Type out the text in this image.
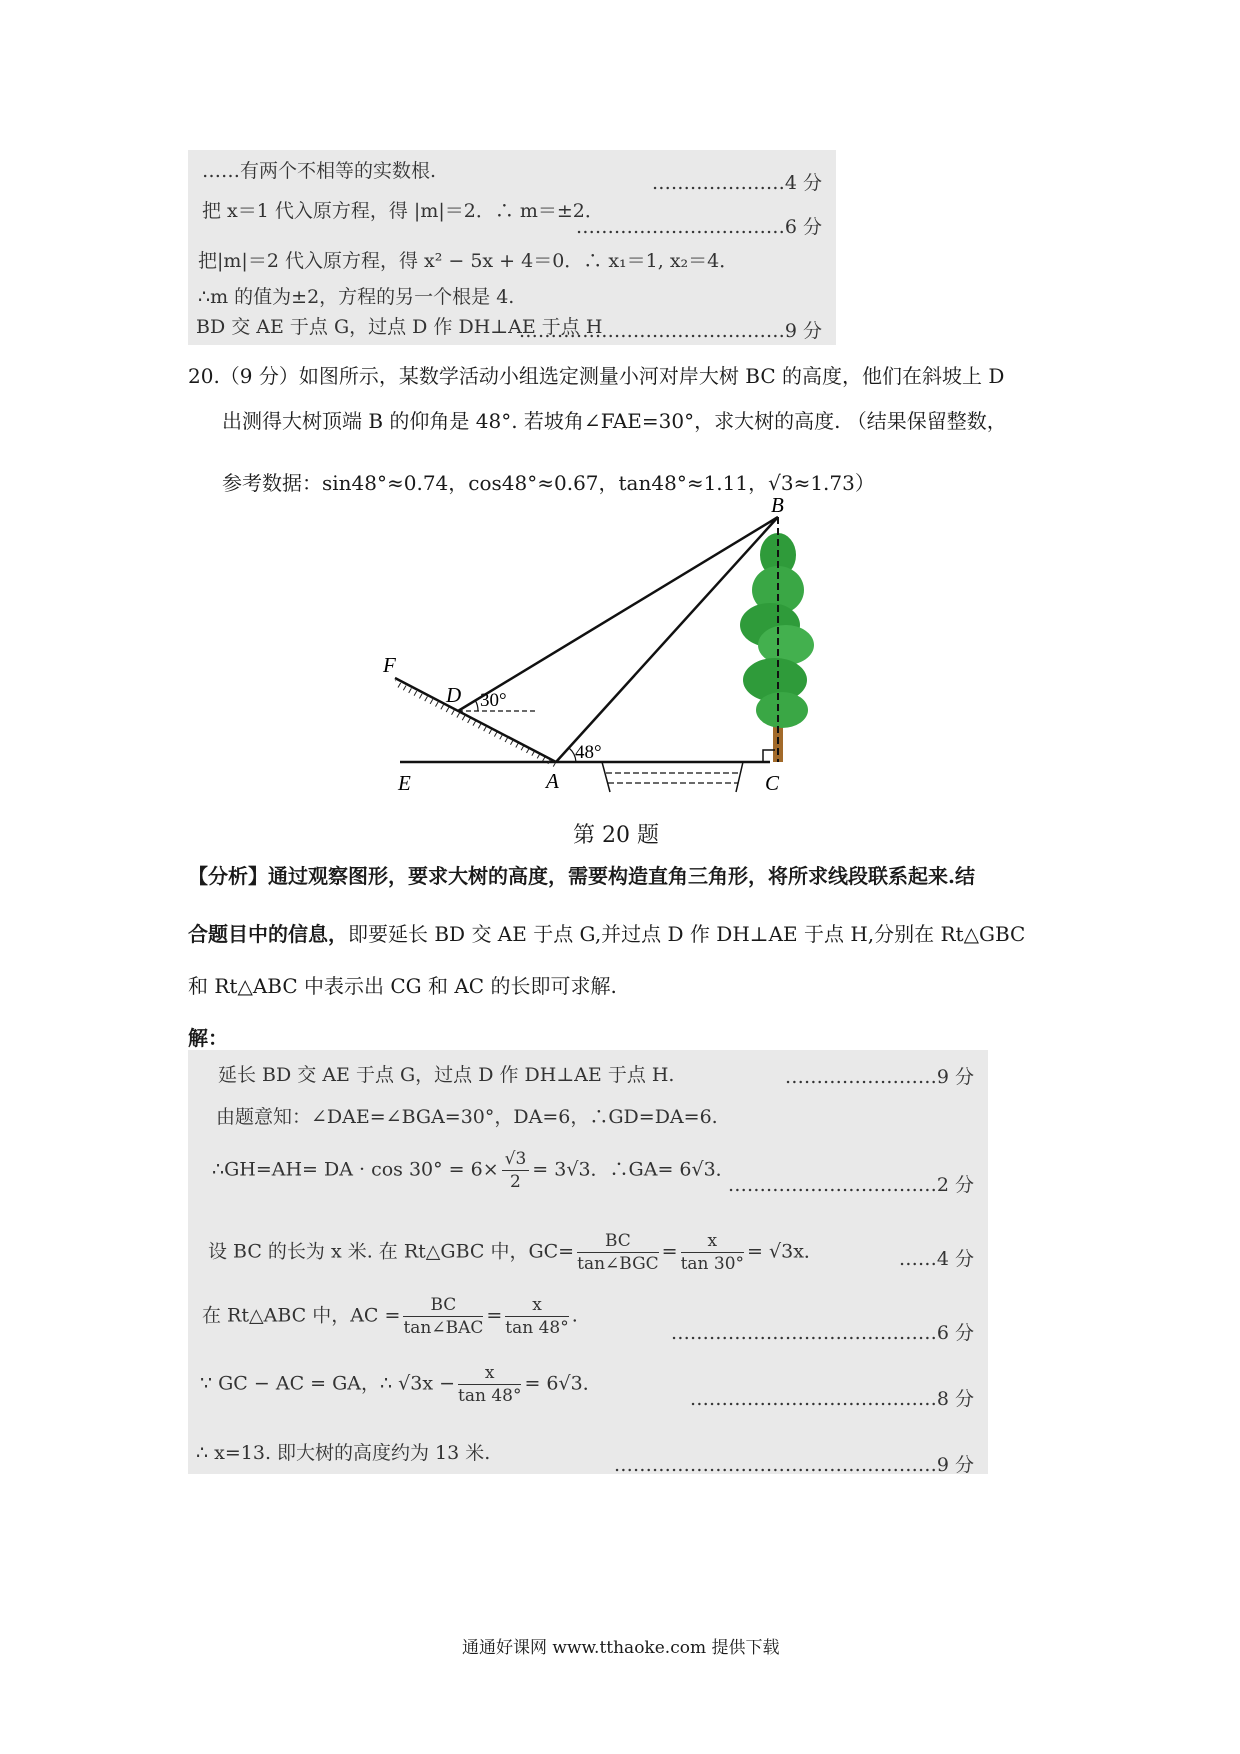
……有两个不相等的实数根.
…………………4 分
把 x＝1 代入原方程，得 |m|＝2．∴ m＝±2．
……………………………6 分
把|m|＝2 代入原方程，得 x² − 5x + 4＝0．∴ x₁＝1, x₂＝4．
∴m 的值为±2，方程的另一个根是 4.
BD 交 AE 于点 G，过点 D 作 DH⊥AE 于点 H
……………………………………9 分
20.（9 分）如图所示，某数学活动小组选定测量小河对岸大树 BC 的高度，他们在斜坡上 D
出测得大树顶端 B 的仰角是 48°. 若坡角∠FAE=30°，求大树的高度. （结果保留整数，
参考数据：sin48°≈0.74，cos48°≈0.67，tan48°≈1.11，√3≈1.73）
B
F
D
E	A	C
30°
48°
第 20 题
【分析】通过观察图形，要求大树的高度，需要构造直角三角形，将所求线段联系起来.结
合题目中的信息，即要延长 BD 交 AE 于点 G,并过点 D 作 DH⊥AE 于点 H,分别在 Rt△GBC
和 Rt△ABC 中表示出 CG 和 AC 的长即可求解.
解：
延长 BD 交 AE 于点 G，过点 D 作 DH⊥AE 于点 H.	……………………9 分
由题意知：∠DAE=∠BGA=30°，DA=6，∴GD=DA=6.
∴GH=AH= DA · $\cos 30^\circ = 6\times \frac{√3}{2} = 3√3$．∴GA= 6√3．
……………………………2 分
设 BC 的长为 x 米. 在 Rt△GBC 中，$GC= \frac{BC}{\text{tan∠BGC}} = \frac{x}{\tan 30^\circ} = √3x$．	……4 分
在 Rt△ABC 中，AC = $\frac{BC}{\text{tan∠BAC}} = \frac{x}{\tan 48^\circ}$ .
……………………………………6 分
∵ GC − AC = GA，∴ $√3x - \frac{x}{\tan 48^\circ} = 6√3$．
…………………………………8 分
∴ x=13. 即大树的高度约为 13 米.
……………………………………………9 分
通通好课网 www.tthaoke.com 提供下载
